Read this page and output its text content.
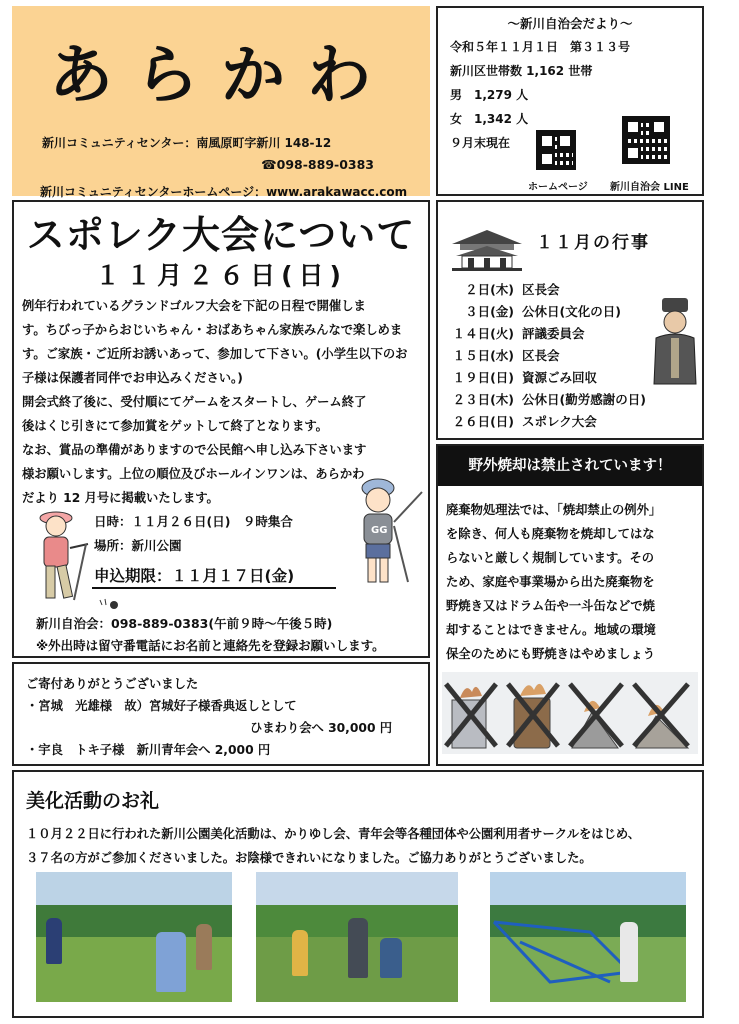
あらかわ
新川コミュニティセンター：南風原町字新川 148-12
☎098-889-0383
新川コミュニティセンターホームページ：www.arakawacc.com
～新川自治会だより～
令和５年１１月１日　第３１３号
新川区世帯数 1,162 世帯
男　1,279 人
女　1,342 人
９月末現在
ホームページ 新川自治会 LINE
スポレク大会について
１１月２６日(日)
例年行われているグランドゴルフ大会を下記の日程で開催しま
す。ちびっ子からおじいちゃん・おばあちゃん家族みんなで楽しめま
す。ご家族・ご近所お誘いあって、参加して下さい。(小学生以下のお
子様は保護者同伴でお申込みください。)
開会式終了後に、受付順にてゲームをスタートし、ゲーム終了
後はくじ引きにて参加賞をゲットして終了となります。
なお、賞品の準備がありますので公民館へ申し込み下さいます
様お願いします。上位の順位及びホールインワンは、あらかわ
だより 12 月号に掲載いたします。
GG
日時：１１月２６日(日)　９時集合
場所：新川公園
申込期限：１１月１７日(金)
新川自治会：098-889-0383(午前９時～午後５時)
※外出時は留守番電話にお名前と連絡先を登録お願いします。
１１月の行事
２日(木) 区長会
３日(金) 公休日(文化の日)
１４日(火) 評議委員会
１５日(水) 区長会
１９日(日) 資源ごみ回収
２３日(木) 公休日(勤労感謝の日)
２６日(日) スポレク大会
野外焼却は禁止されています！
廃棄物処理法では、「焼却禁止の例外」
を除き、何人も廃棄物を焼却してはな
らないと厳しく規制しています。その
ため、家庭や事業場から出た廃棄物を
野焼き又はドラム缶や一斗缶などで焼
却することはできません。地域の環境
保全のためにも野焼きはやめましょう
ご寄付ありがとうございました
・宮城　光雄様　故）宮城好子様香典返しとして
ひまわり会へ 30,000 円
・宇良　トキ子様　新川青年会へ 2,000 円
美化活動のお礼
１０月２２日に行われた新川公園美化活動は、かりゆし会、青年会等各種団体や公園利用者サークルをはじめ、
３７名の方がご参加くださいました。お陰様できれいになりました。ご協力ありがとうございました。
